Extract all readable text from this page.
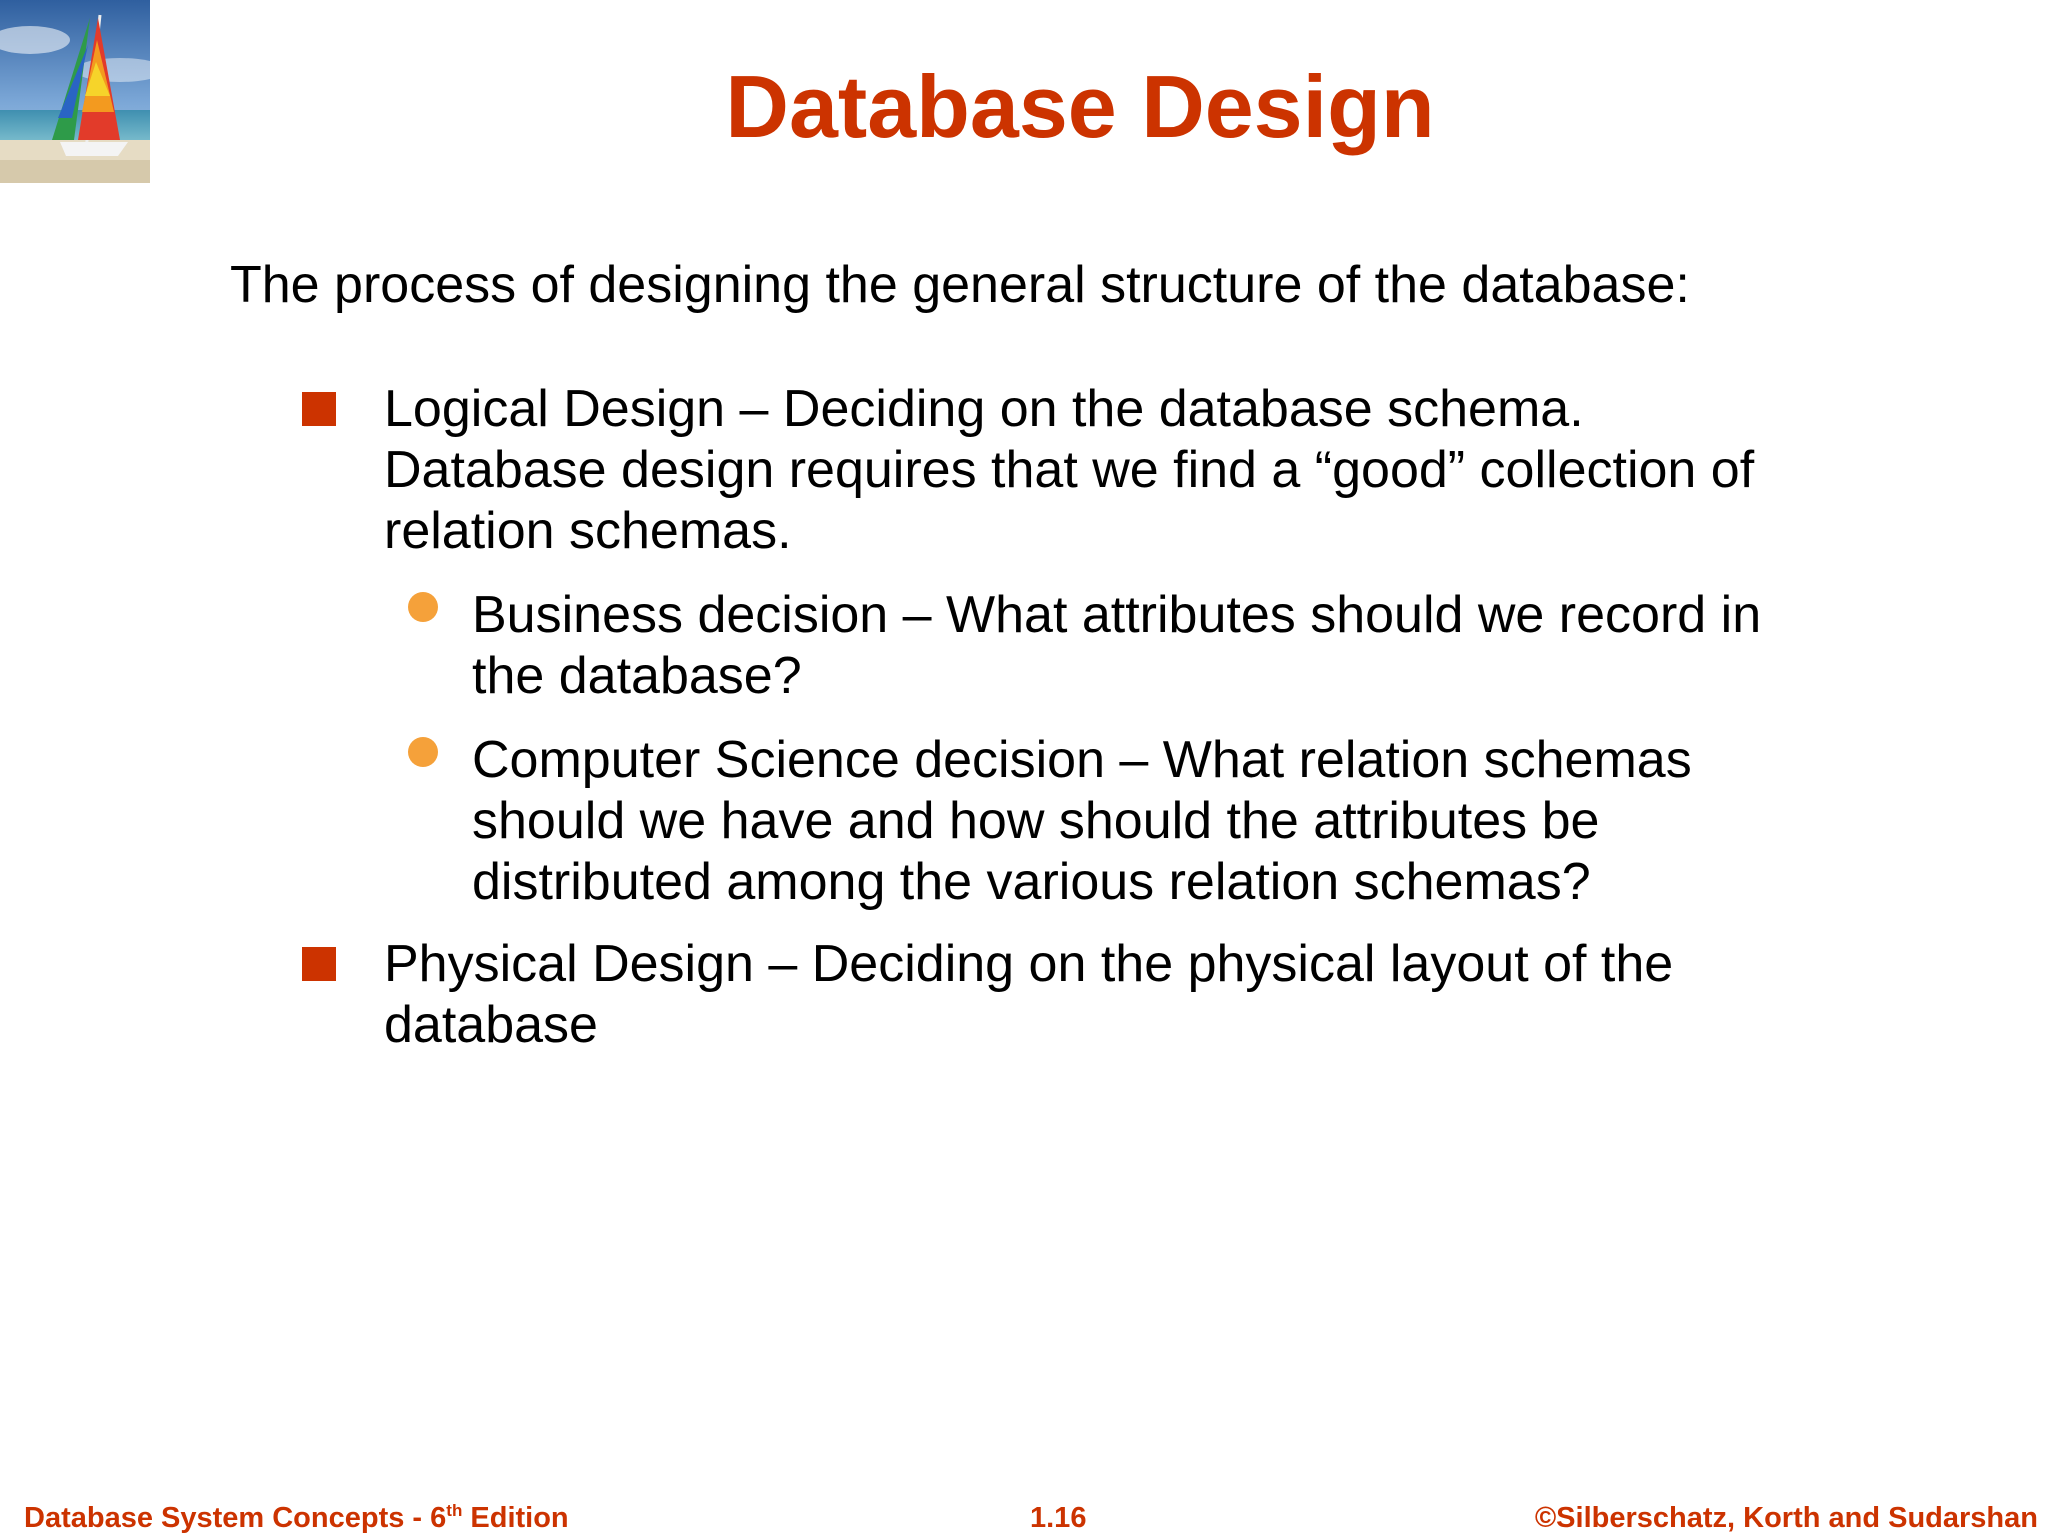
Database Design
The process of designing the general structure of the database:
Logical Design – Deciding on the database schema.
Database design requires that we find a “good” collection of
relation schemas.
Business decision – What attributes should we record in
the database?
Computer Science decision – What relation schemas
should we have and how should the attributes be
distributed among the various relation schemas?
Physical Design – Deciding on the physical layout of the
database
Database System Concepts - 6th Edition	1.16	©Silberschatz, Korth and Sudarshan
